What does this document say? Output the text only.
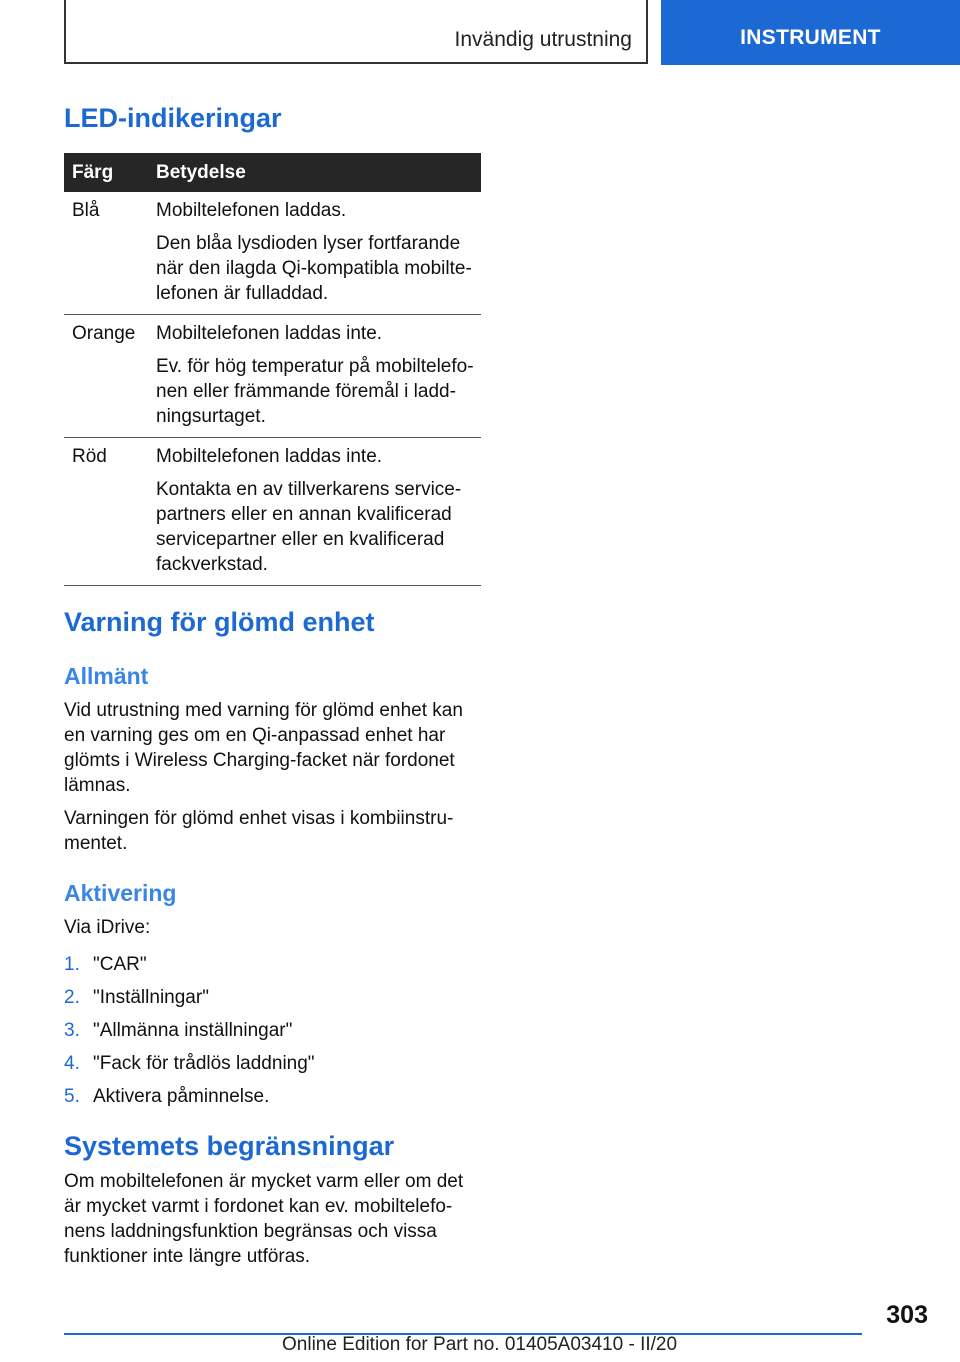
Invändig utrustning	INSTRUMENT
LED-indikeringar
Färg	Betydelse
Blå	Mobiltelefonen laddas.

Den blåa lysdioden lyser fortfarande när den ilagda Qi-kompatibla mobiltelefonen är fulladdad.

Orange	Mobiltelefonen laddas inte.

Ev. för hög temperatur på mobiltelefonen eller främmande föremål i laddningsurtaget.

Röd	Mobiltelefonen laddas inte.

Kontakta en av tillverkarens servicepartners eller en annan kvalificerad servicepartner eller en kvalificerad fackverkstad.

Varning för glömd enhet
Allmänt

Vid utrustning med varning för glömd enhet kan en varning ges om en Qi-anpassad enhet har glömts i Wireless Charging-facket när fordonet lämnas.

Varningen för glömd enhet visas i kombiinstrumentet.

Aktivering

Via iDrive:

1. "CAR"
2. "Inställningar"
3. "Allmänna inställningar"
4. "Fack för trådlös laddning"
5. Aktivera påminnelse.
Systemets begränsningar

Om mobiltelefonen är mycket varm eller om det är mycket varmt i fordonet kan ev. mobiltelefonens laddningsfunktion begränsas och vissa funktioner inte längre utföras.

303
Online Edition for Part no. 01405A03410 - II/20
